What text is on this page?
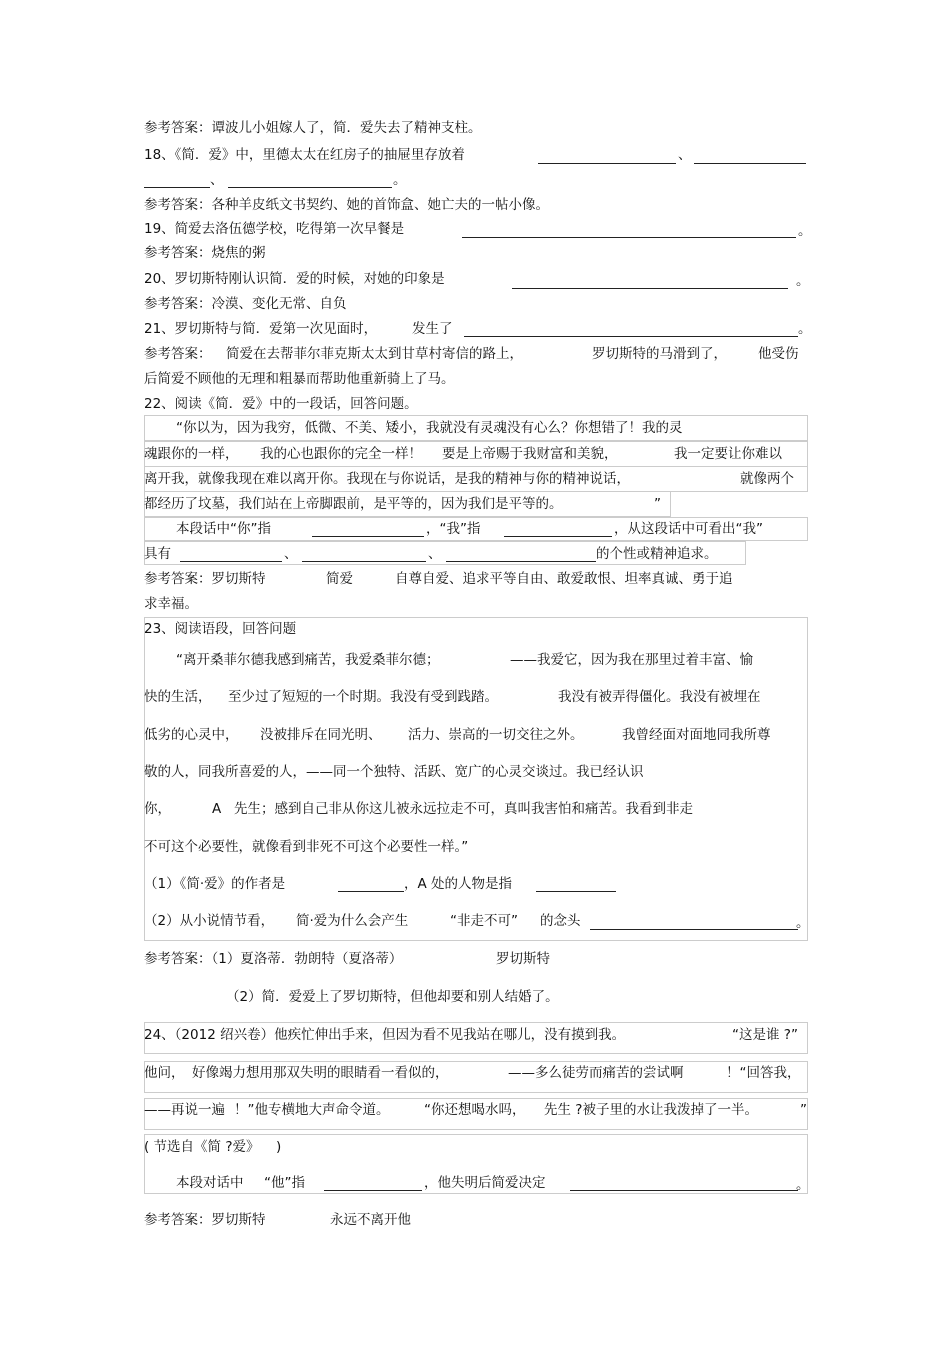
参考答案：谭波儿小姐嫁人了，简．爱失去了精神支柱。
18、《简．爱》中，里德太太在红房子的抽屉里存放着	、
、	。
参考答案：各种羊皮纸文书契约、她的首饰盒、她亡夫的一帖小像。
19、简爱去洛伍德学校，吃得第一次早餐是	。
参考答案：烧焦的粥
20、罗切斯特刚认识简．爱的时候，对她的印象是	。
参考答案：冷漠、变化无常、自负
21、罗切斯特与简．爱第一次见面时，	发生了	。
参考答案： 简爱在去帮菲尔菲克斯太太到甘草村寄信的路上，	罗切斯特的马滑到了， 他受伤
后简爱不顾他的无理和粗暴而帮助他重新骑上了马。
22、阅读《简．爱》中的一段话，回答问题。
“你以为，因为我穷，低微、不美、矮小，我就没有灵魂没有心么？你想错了！我的灵
魂跟你的一样， 我的心也跟你的完全一样！ 要是上帝赐于我财富和美貌，	我一定要让你难以
离开我，就像我现在难以离开你。我现在与你说话，是我的精神与你的精神说话，	就像两个
都经历了坟墓，我们站在上帝脚跟前，是平等的，因为我们是平等的。	”
本段话中“你”指	，“我”指	，从这段话中可看出“我”
具有	、	、	的个性或精神追求。
参考答案：罗切斯特	简爱	自尊自爱、追求平等自由、敢爱敢恨、坦率真诚、勇于追
求幸福。
23、阅读语段，回答问题
“离开桑菲尔德我感到痛苦，我爱桑菲尔德；	——我爱它，因为我在那里过着丰富、愉
快的生活， 至少过了短短的一个时期。我没有受到践踏。	我没有被弄得僵化。我没有被埋在
低劣的心灵中， 没被排斥在同光明、 活力、崇高的一切交往之外。	我曾经面对面地同我所尊
敬的人，同我所喜爱的人，——同一个独特、活跃、宽广的心灵交谈过。我已经认识
你，	A 先生；感到自己非从你这儿被永远拉走不可，真叫我害怕和痛苦。我看到非走
不可这个必要性，就像看到非死不可这个必要性一样。”
（1）《简·爱》的作者是	，A 处的人物是指
（2）从小说情节看， 简·爱为什么会产生	“非走不可” 的念头	。
参考答案：（1）夏洛蒂．勃朗特（夏洛蒂）	罗切斯特
（2）简．爱爱上了罗切斯特，但他却要和别人结婚了。
24、（2012 绍兴卷）他疾忙伸出手来，但因为看不见我站在哪儿，没有摸到我。	“这是谁 ?”
他问， 好像竭力想用那双失明的眼睛看一看似的，	——多么徒劳而痛苦的尝试啊	！“回答我，
——再说一遍 ！”他专横地大声命令道。	“你还想喝水吗， 先生 ?被子里的水让我泼掉了一半。	”
( 节选自《简 ?爱》 )
本段对话中 “他”指	，他失明后简爱决定	。
参考答案：罗切斯特	永远不离开他
